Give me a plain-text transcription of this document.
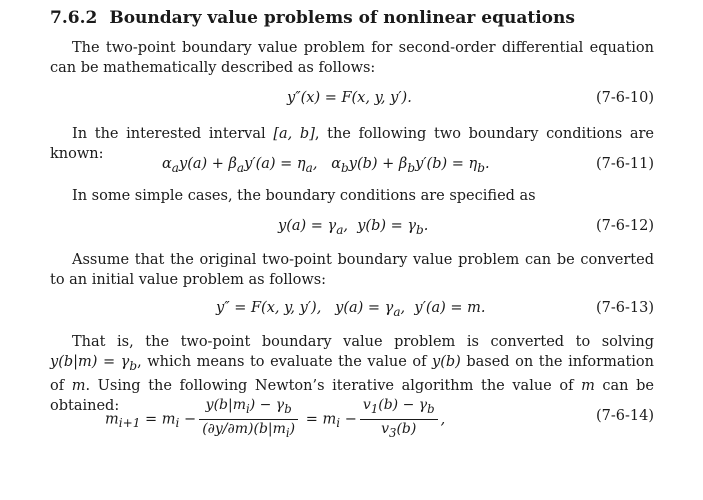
7.6.2 Boundary value problems of nonlinear equations
The two-point boundary value problem for second-order differential equation can be mathematically described as follows:
y″(x) = F(x, y, y′).	(7-6-10)
In the interested interval [a, b], the following two boundary conditions are known:
$\alpha_ay(a) + \beta_ay'(a) = \eta_a$,   $\alpha_by(b) + \beta_by'(b) = \eta_b$.	(7-6-11)
In some simple cases, the boundary conditions are specified as
$y(a) = \gamma_a$,  $y(b) = \gamma_b$.	(7-6-12)
Assume that the original two-point boundary value problem can be converted to an initial value problem as follows:
y″ = F(x, y, y′),   $y(a) = \gamma_a$,  y′(a) = m.	(7-6-13)
That is, the two-point boundary value problem is converted to solving $y(b|m) = \gamma_b$, which means to evaluate the value of y(b) based on the information of m. Using the following Newton’s iterative algorithm the value of m can be obtained:
$m_{i+1} = m_i - \frac{y(b|m_i) - \gamma_b}{(\partial y/\partial m)(b|m_i)} = m_i - \frac{v_1(b) - \gamma_b}{v_3(b)}$ ,	(7-6-14)
